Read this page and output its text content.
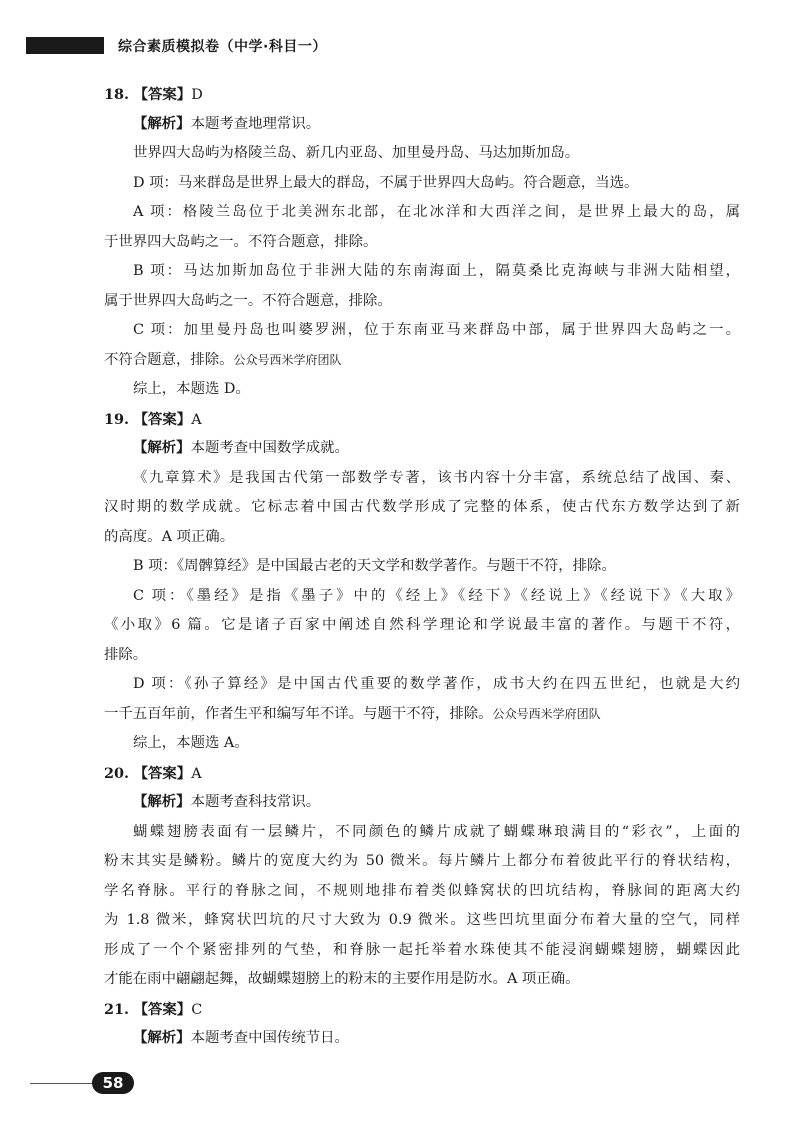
综合素质模拟卷（中学·科目一）
18. 【答案】D
【解析】本题考查地理常识。
世界四大岛屿为格陵兰岛、新几内亚岛、加里曼丹岛、马达加斯加岛。
D 项：马来群岛是世界上最大的群岛，不属于世界四大岛屿。符合题意，当选。
A 项：格陵兰岛位于北美洲东北部，在北冰洋和大西洋之间，是世界上最大的岛，属
于世界四大岛屿之一。不符合题意，排除。
B 项：马达加斯加岛位于非洲大陆的东南海面上，隔莫桑比克海峡与非洲大陆相望，
属于世界四大岛屿之一。不符合题意，排除。
C 项：加里曼丹岛也叫婆罗洲，位于东南亚马来群岛中部，属于世界四大岛屿之一。
不符合题意，排除。公众号西米学府团队
综上，本题选 D。
19. 【答案】A
【解析】本题考查中国数学成就。
《九章算术》是我国古代第一部数学专著，该书内容十分丰富，系统总结了战国、秦、
汉时期的数学成就。它标志着中国古代数学形成了完整的体系，使古代东方数学达到了新
的高度。A 项正确。
B 项：《周髀算经》是中国最古老的天文学和数学著作。与题干不符，排除。
C 项：《墨经》是指《墨子》中的《经上》《经下》《经说上》《经说下》《大取》
《小取》6 篇。它是诸子百家中阐述自然科学理论和学说最丰富的著作。与题干不符，
排除。
D 项：《孙子算经》是中国古代重要的数学著作，成书大约在四五世纪，也就是大约
一千五百年前，作者生平和编写年不详。与题干不符，排除。公众号西米学府团队
综上，本题选 A。
20. 【答案】A
【解析】本题考查科技常识。
蝴蝶翅膀表面有一层鳞片，不同颜色的鳞片成就了蝴蝶琳琅满目的“彩衣”，上面的
粉末其实是鳞粉。鳞片的宽度大约为 50 微米。每片鳞片上都分布着彼此平行的脊状结构，
学名脊脉。平行的脊脉之间，不规则地排布着类似蜂窝状的凹坑结构，脊脉间的距离大约
为 1.8 微米，蜂窝状凹坑的尺寸大致为 0.9 微米。这些凹坑里面分布着大量的空气，同样
形成了一个个紧密排列的气垫，和脊脉一起托举着水珠使其不能浸润蝴蝶翅膀，蝴蝶因此
才能在雨中翩翩起舞，故蝴蝶翅膀上的粉末的主要作用是防水。A 项正确。
21. 【答案】C
【解析】本题考查中国传统节日。
58
